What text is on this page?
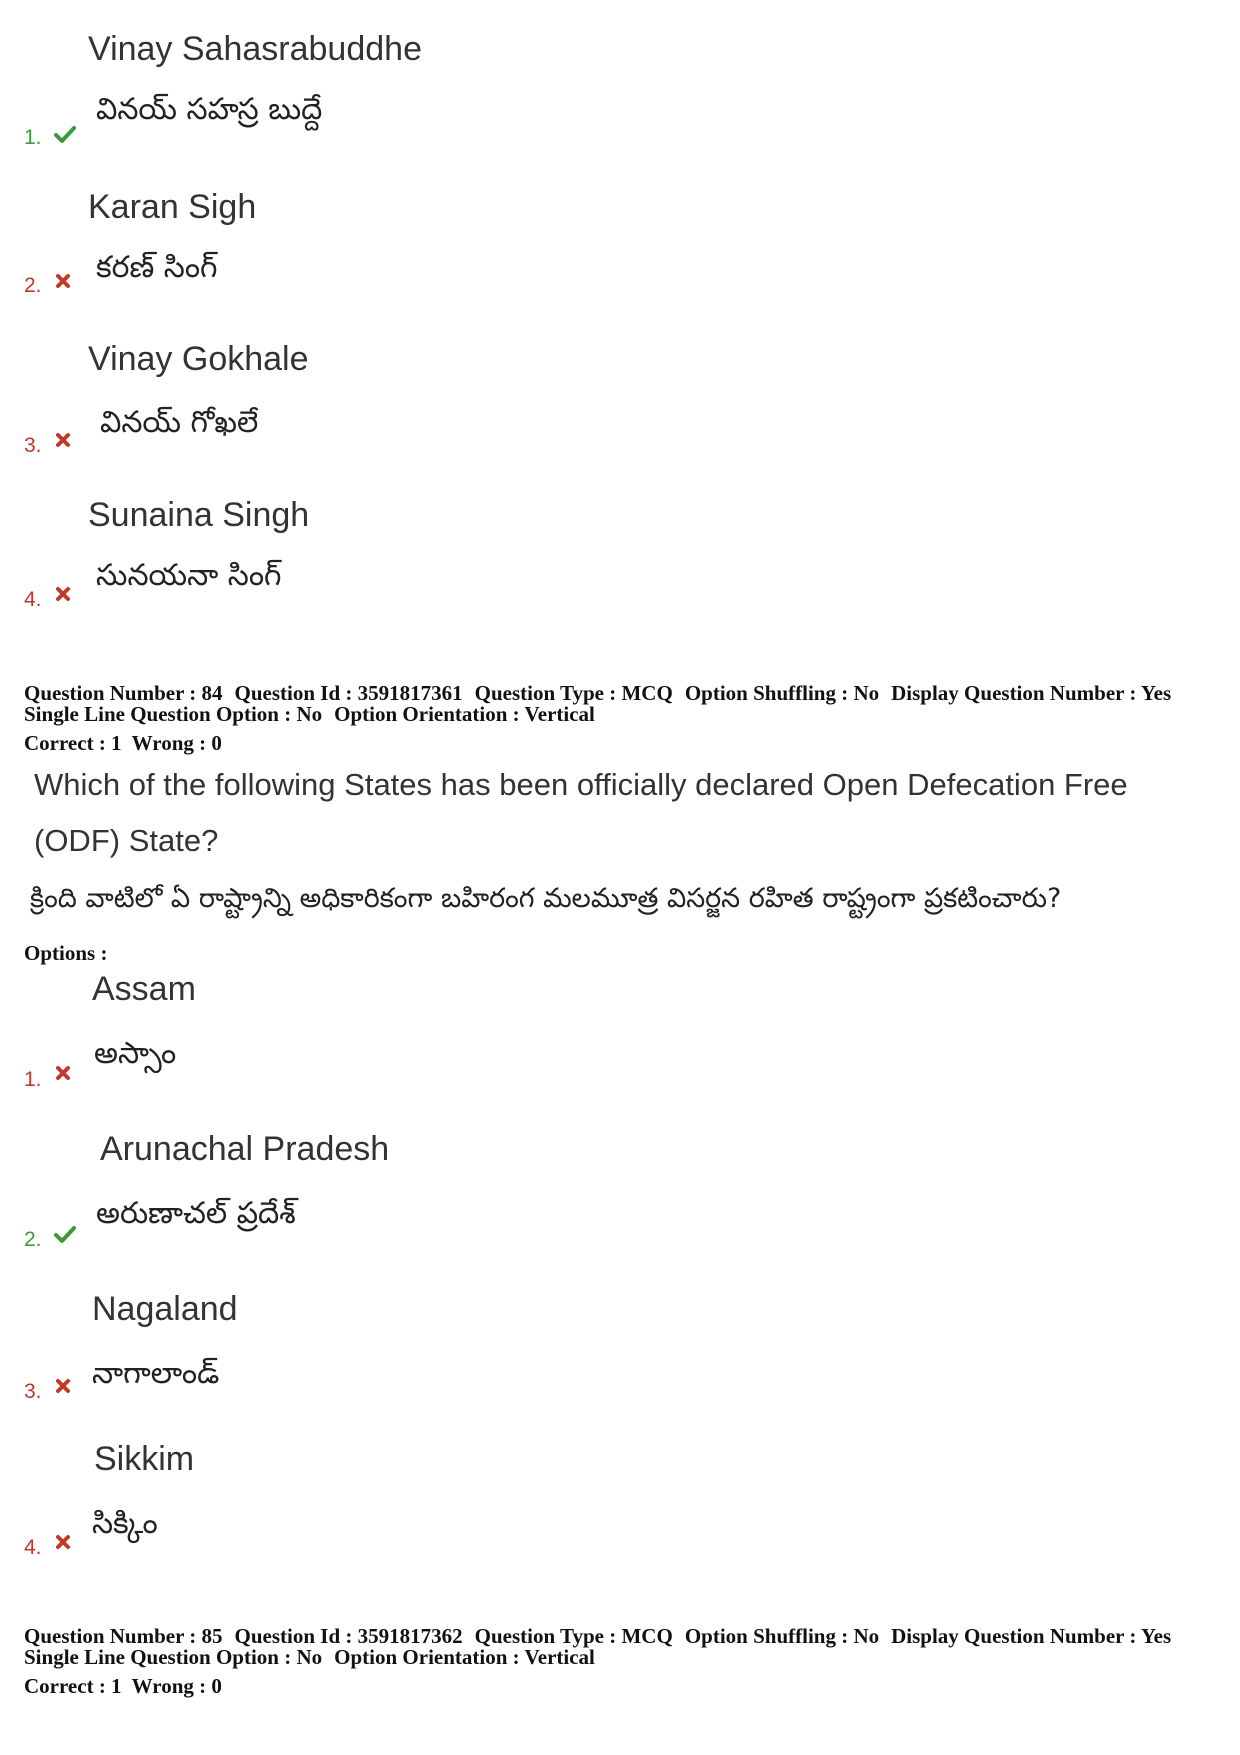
Vinay Sahasrabuddhe
వినయ్ సహస్ర బుద్దే
1.
Karan Sigh
కరణ్ సింగ్
2.
Vinay Gokhale
వినయ్ గోఖలే
3.
Sunaina Singh
సునయనా సింగ్
4.
Question Number : 84 Question Id : 3591817361 Question Type : MCQ Option Shuffling : No Display Question Number : Yes
Single Line Question Option : No Option Orientation : Vertical
Correct : 1  Wrong : 0
Which of the following States has been officially declared Open Defecation Free
(ODF) State?
క్రింది వాటిలో ఏ రాష్ట్రాన్ని అధికారికంగా బహిరంగ మలమూత్ర విసర్జన రహిత రాష్ట్రంగా ప్రకటించారు?
Options :
Assam
అస్సాం
1.
Arunachal Pradesh
అరుణాచల్ ప్రదేశ్
2.
Nagaland
నాగాలాండ్
3.
Sikkim
సిక్కిం
4.
Question Number : 85 Question Id : 3591817362 Question Type : MCQ Option Shuffling : No Display Question Number : Yes
Single Line Question Option : No Option Orientation : Vertical
Correct : 1  Wrong : 0
